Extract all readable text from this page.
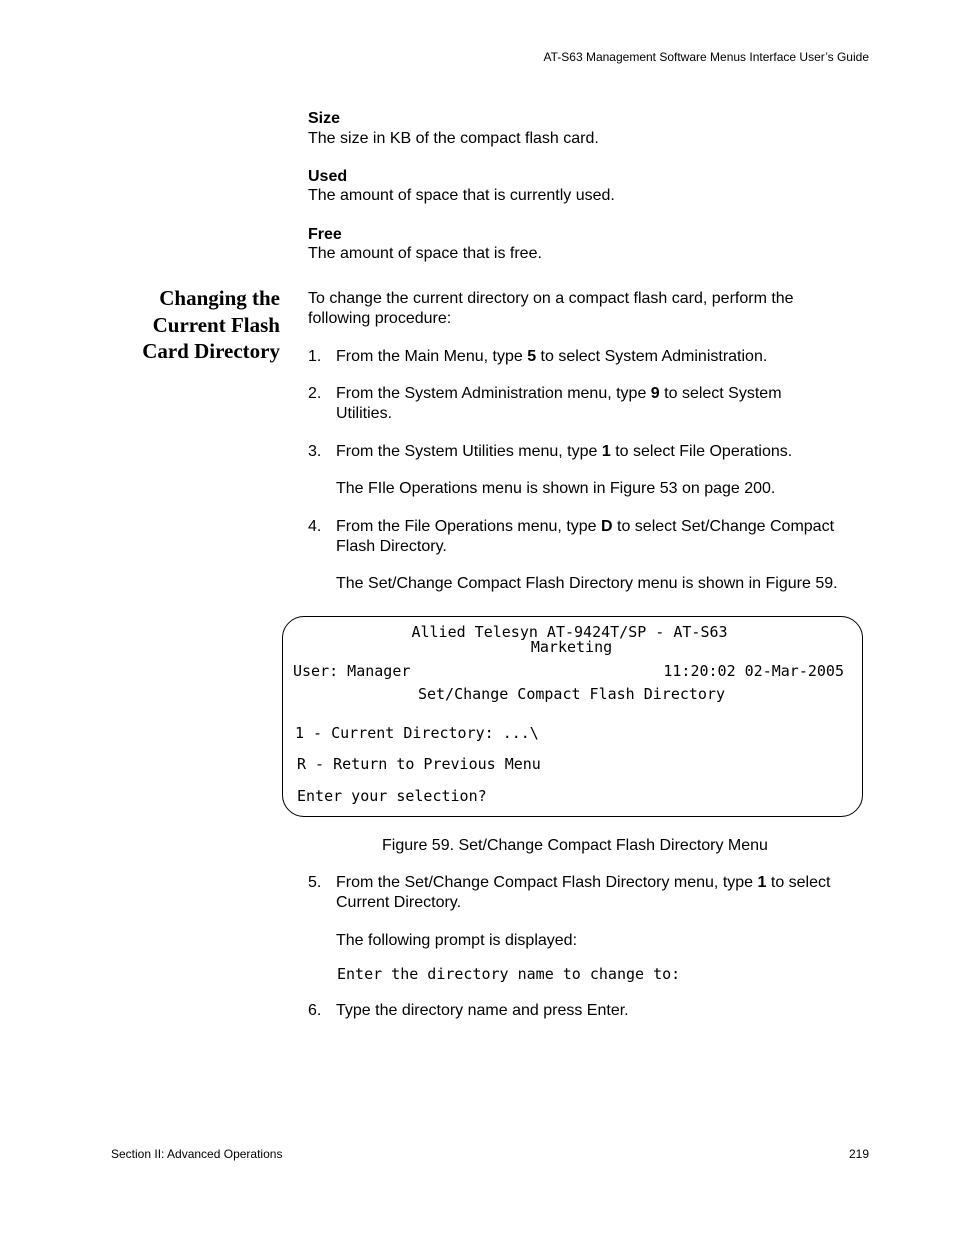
AT-S63 Management Software Menus Interface User’s Guide
Size
The size in KB of the compact flash card.
Used
The amount of space that is currently used.
Free
The amount of space that is free.
Changing the
Current Flash
Card Directory
To change the current directory on a compact flash card, perform the
following procedure:
1. From the Main Menu, type 5 to select System Administration.
2. From the System Administration menu, type 9 to select System
Utilities.
3. From the System Utilities menu, type 1 to select File Operations.
The FIle Operations menu is shown in Figure 53 on page 200.
4. From the File Operations menu, type D to select Set/Change Compact
Flash Directory.
The Set/Change Compact Flash Directory menu is shown in Figure 59.
Allied Telesyn AT-9424T/SP - AT-S63
Marketing
User: Manager	11:20:02 02-Mar-2005
Set/Change Compact Flash Directory
1 - Current Directory: ...\
R - Return to Previous Menu
Enter your selection?
Figure 59. Set/Change Compact Flash Directory Menu
5. From the Set/Change Compact Flash Directory menu, type 1 to select
Current Directory.
The following prompt is displayed:
Enter the directory name to change to:
6. Type the directory name and press Enter.
Section II: Advanced Operations	219
